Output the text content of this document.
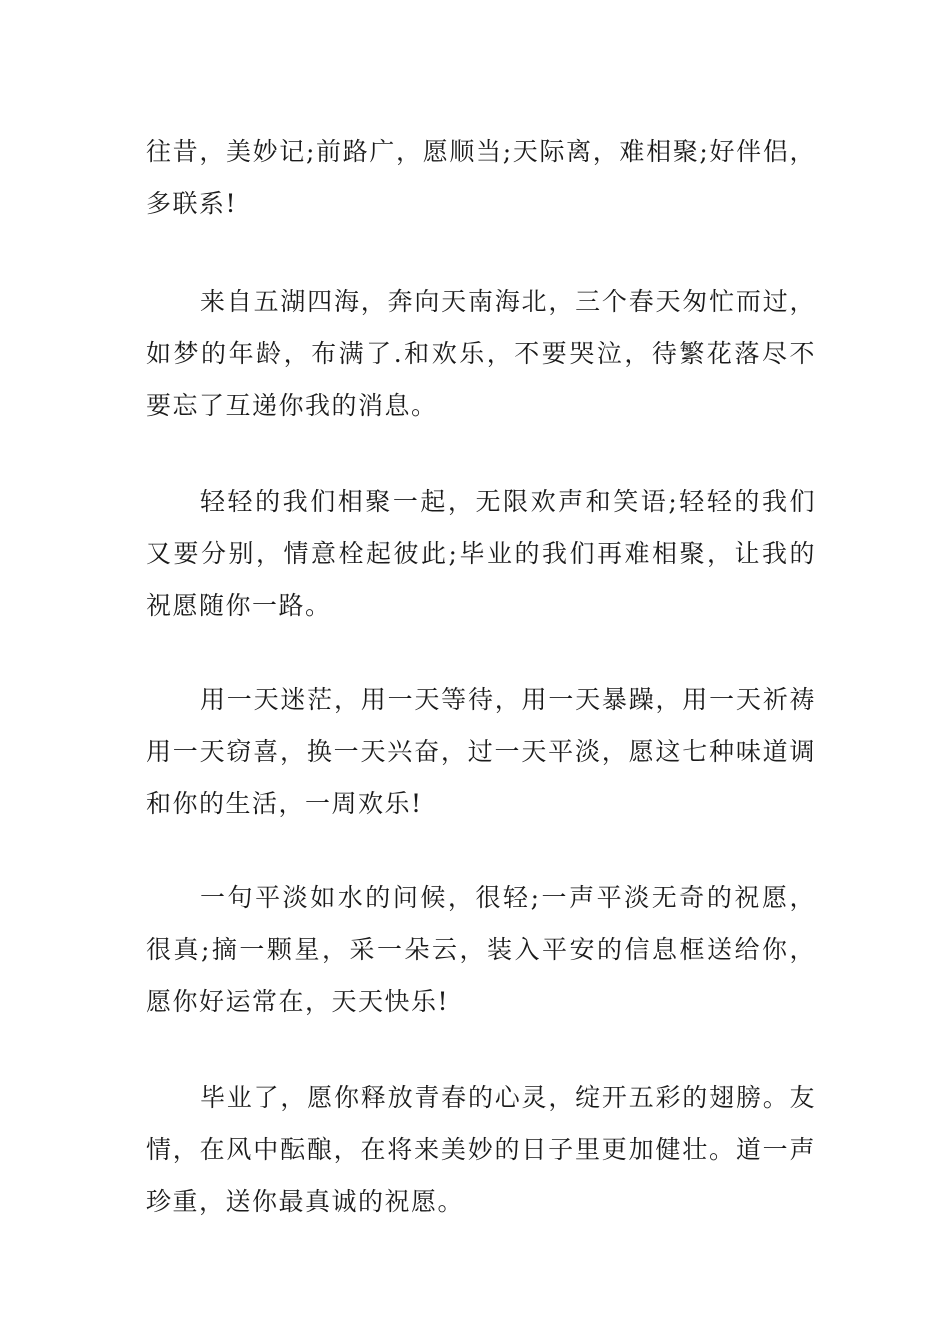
往昔，美妙记;前路广，愿顺当;天际离，难相聚;好伴侣，多联系!

来自五湖四海，奔向天南海北，三个春天匆忙而过，如梦的年龄，布满了.和欢乐，不要哭泣，待繁花落尽不要忘了互递你我的消息。

轻轻的我们相聚一起，无限欢声和笑语;轻轻的我们又要分别，情意栓起彼此;毕业的我们再难相聚，让我的祝愿随你一路。

用一天迷茫，用一天等待，用一天暴躁，用一天祈祷用一天窃喜，换一天兴奋，过一天平淡，愿这七种味道调和你的生活，一周欢乐!

一句平淡如水的问候，很轻;一声平淡无奇的祝愿，很真;摘一颗星，采一朵云，装入平安的信息框送给你，愿你好运常在，天天快乐!

毕业了，愿你释放青春的心灵，绽开五彩的翅膀。友情，在风中酝酿，在将来美妙的日子里更加健壮。道一声珍重，送你最真诚的祝愿。
